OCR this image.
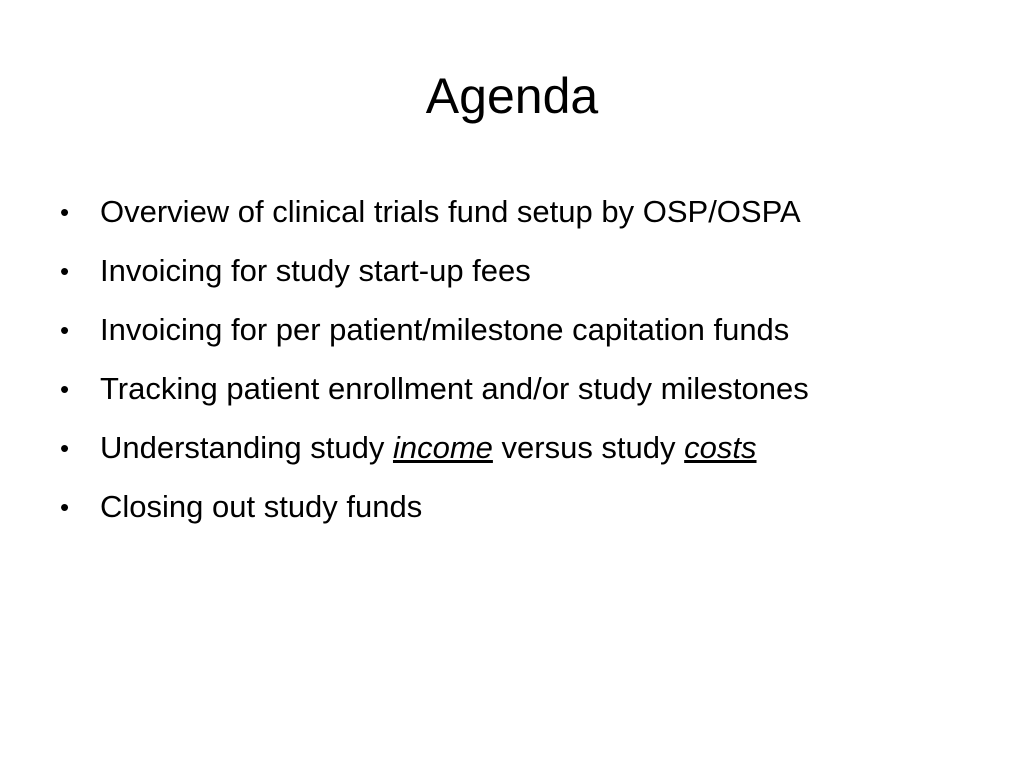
Agenda
• Overview of clinical trials fund setup by OSP/OSPA
• Invoicing for study start-up fees
• Invoicing for per patient/milestone capitation funds
• Tracking patient enrollment and/or study milestones
• Understanding study income versus study costs
• Closing out study funds
